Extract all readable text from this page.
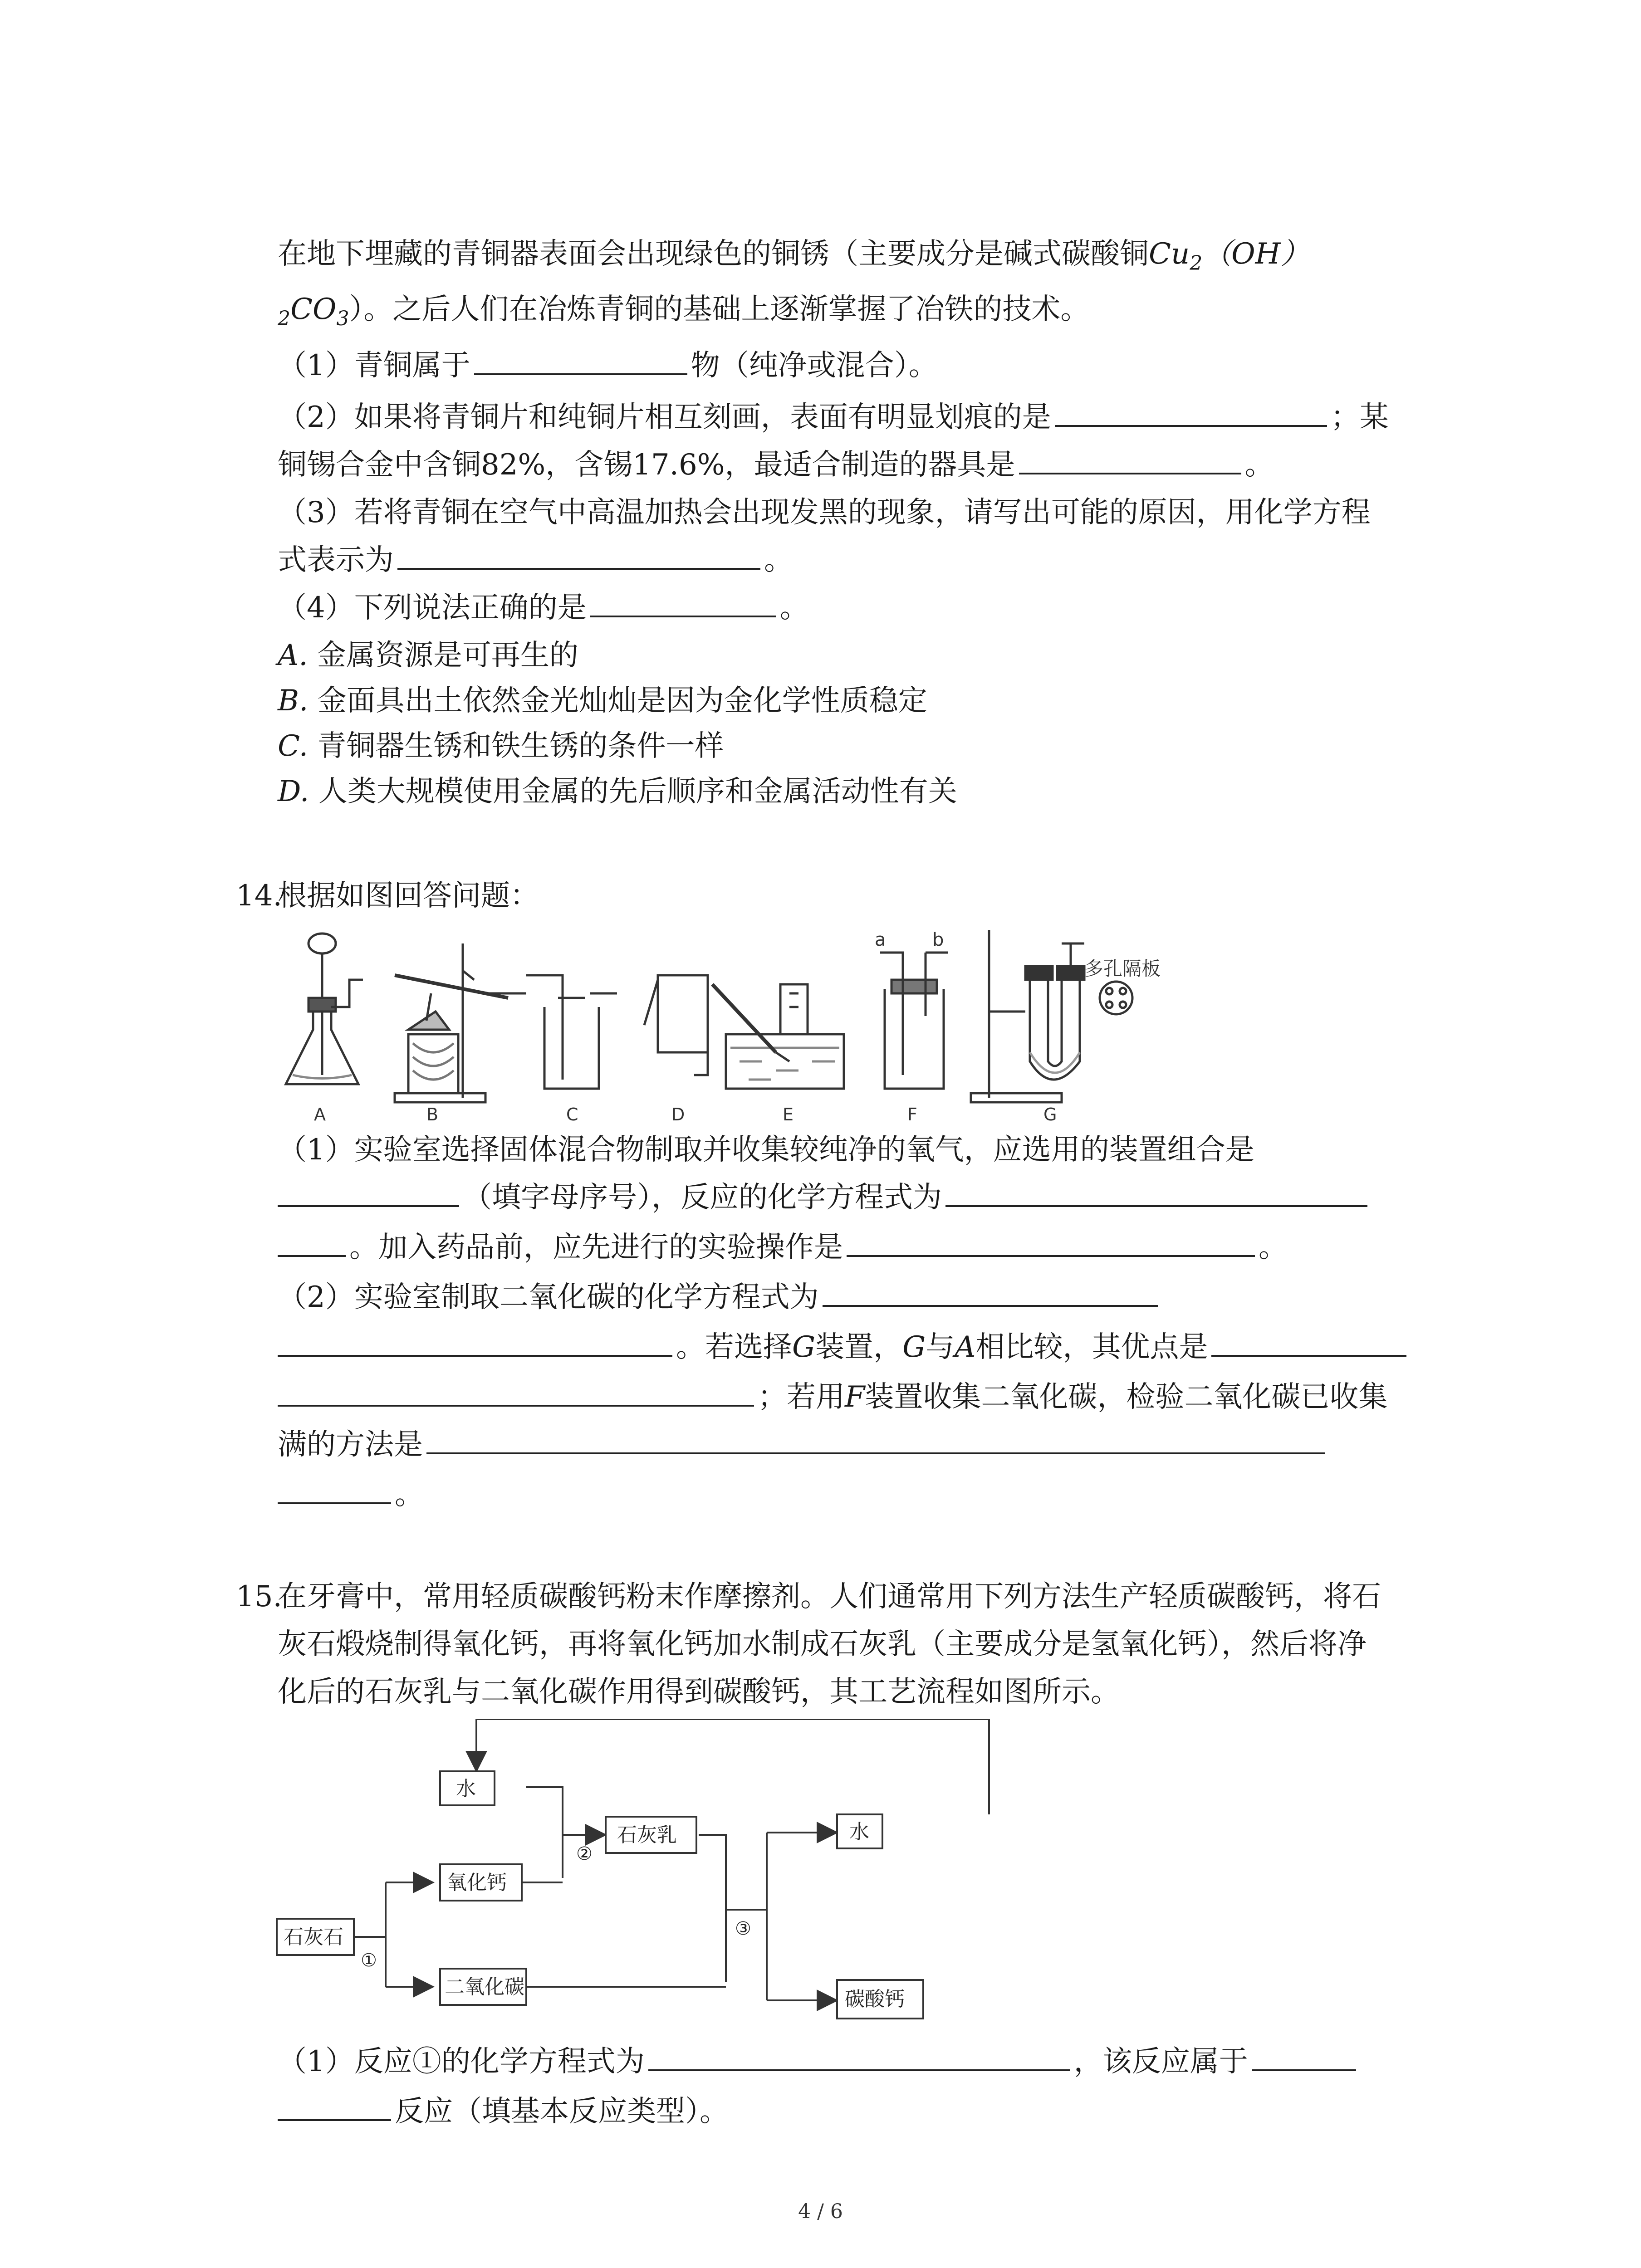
在地下埋藏的青铜器表面会出现绿色的铜锈（主要成分是碱式碳酸铜$Cu_2(OH)$
$_2CO_3$）。之后人们在冶炼青铜的基础上逐渐掌握了冶铁的技术。
（1）青铜属于	物（纯净或混合）。
（2）如果将青铜片和纯铜片相互刻画，表面有明显划痕的是	；某
铜锡合金中含铜82%，含锡17.6%，最适合制造的器具是	。
（3）若将青铜在空气中高温加热会出现发黑的现象，请写出可能的原因，用化学方程
式表示为	。
（4）下列说法正确的是	。
A. 金属资源是可再生的
B. 金面具出土依然金光灿灿是因为金化学性质稳定
C. 青铜器生锈和铁生锈的条件一样
D. 人类大规模使用金属的先后顺序和金属活动性有关
14.
根据如图回答问题：
a	b
多孔隔板
A	B	C	D	E	F	G
（1）实验室选择固体混合物制取并收集较纯净的氧气，应选用的装置组合是
（填字母序号），反应的化学方程式为
。加入药品前，应先进行的实验操作是	。
（2）实验室制取二氧化碳的化学方程式为
。若选择G装置，G与A相比较，其优点是
；若用F装置收集二氧化碳，检验二氧化碳已收集
满的方法是
。
15.
在牙膏中，常用轻质碳酸钙粉末作摩擦剂。人们通常用下列方法生产轻质碳酸钙，将石
灰石煅烧制得氧化钙，再将氧化钙加水制成石灰乳（主要成分是氢氧化钙），然后将净
化后的石灰乳与二氧化碳作用得到碳酸钙，其工艺流程如图所示。
水
氧化钙
石灰石
二氧化碳
石灰乳	水
碳酸钙
①
②
③
（1）反应①的化学方程式为	，该反应属于
反应（填基本反应类型）。
4 / 6
